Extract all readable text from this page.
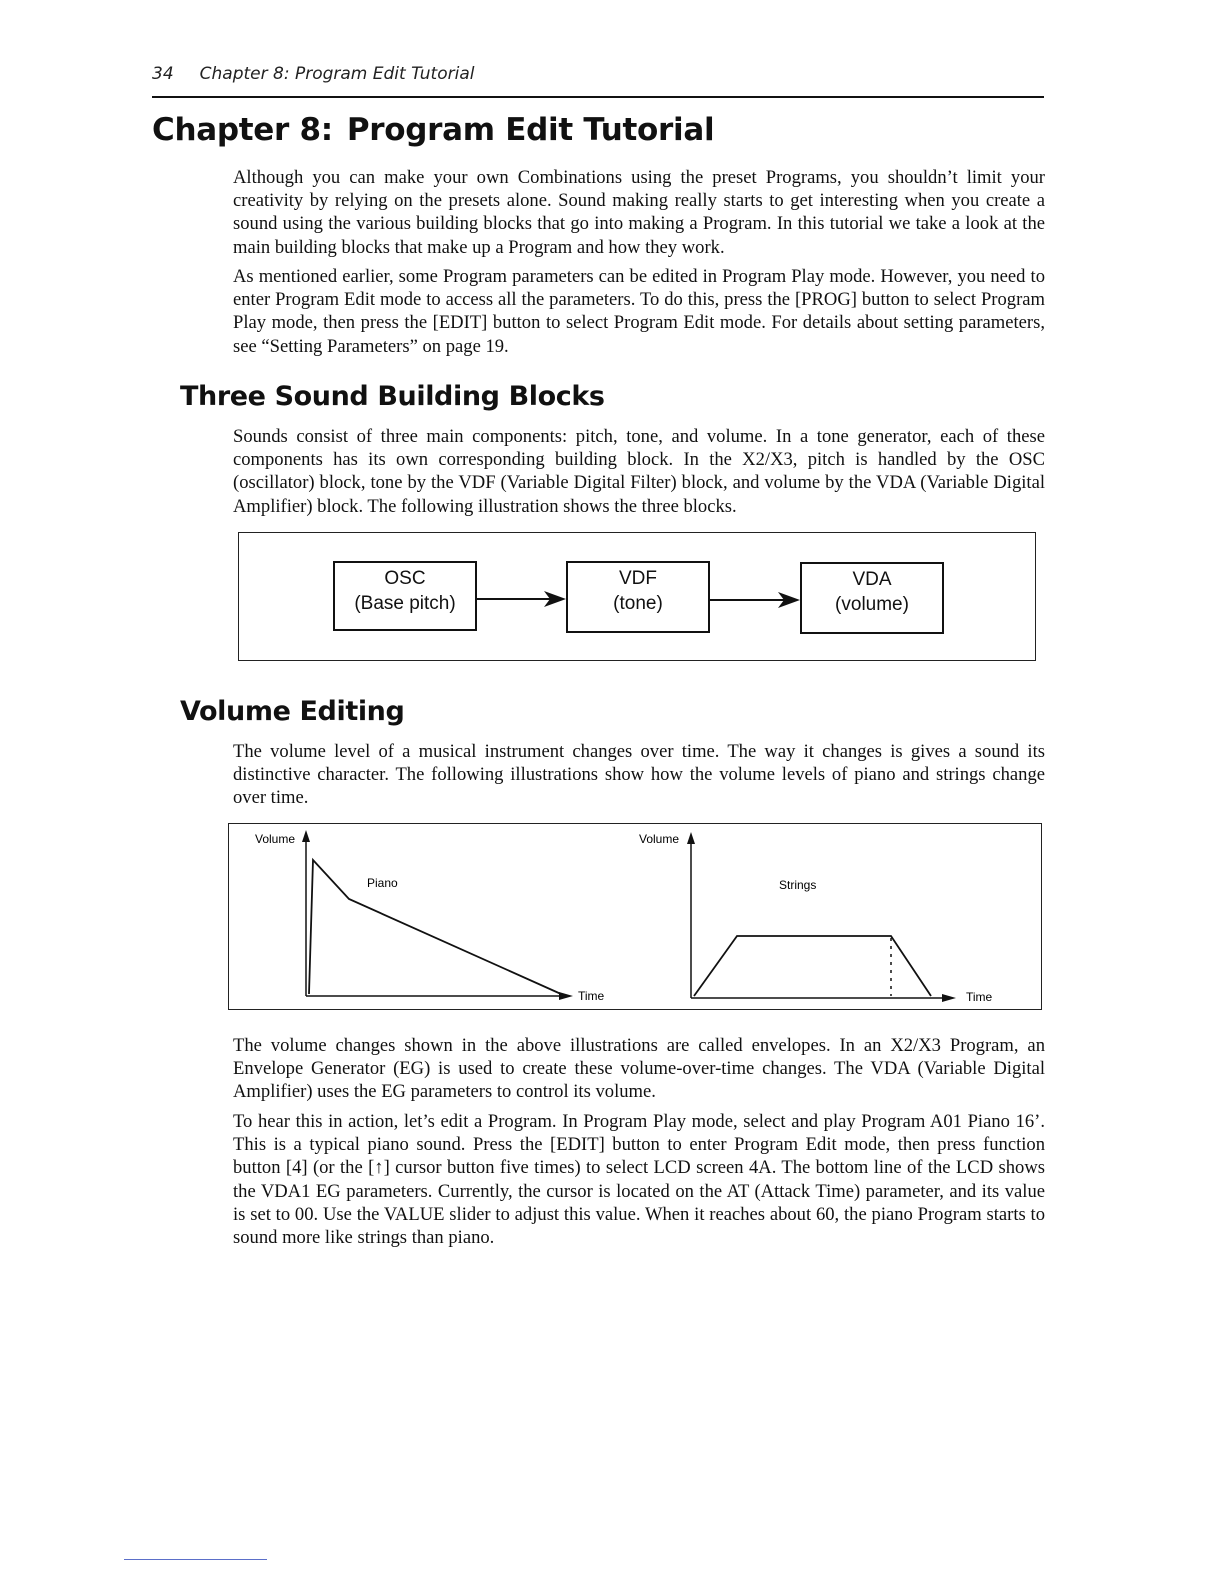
34 Chapter 8: Program Edit Tutorial
Chapter 8: Program Edit Tutorial

Although you can make your own Combinations using the preset Programs, you shouldn’t limit your creativity by relying on the presets alone. Sound making really starts to get interesting when you create a sound using the various building blocks that go into making a Program. In this tutorial we take a look at the main building blocks that make up a Program and how they work.

As mentioned earlier, some Program parameters can be edited in Program Play mode. However, you need to enter Program Edit mode to access all the parameters. To do this, press the [PROG] button to select Program Play mode, then press the [EDIT] button to select Program Edit mode. For details about setting parameters, see “Setting Parameters” on page 19.

Three Sound Building Blocks

Sounds consist of three main components: pitch, tone, and volume. In a tone generator, each of these components has its own corresponding building block. In the X2/X3, pitch is handled by the OSC (oscillator) block, tone by the VDF (Variable Digital Filter) block, and volume by the VDA (Variable Digital Amplifier) block. The following illustration shows the three blocks.

OSC
(Base pitch)
VDF
(tone)
VDA
(volume)
Volume Editing

The volume level of a musical instrument changes over time. The way it changes is gives a sound its distinctive character. The following illustrations show how the volume levels of piano and strings change over time.

Volume
Piano
Time
Volume
Strings
Time

The volume changes shown in the above illustrations are called envelopes. In an X2/X3 Program, an Envelope Generator (EG) is used to create these volume-over-time changes. The VDA (Variable Digital Amplifier) uses the EG parameters to control its volume.

To hear this in action, let’s edit a Program. In Program Play mode, select and play Program A01 Piano 16’. This is a typical piano sound. Press the [EDIT] button to enter Program Edit mode, then press function button [4] (or the [↑] cursor button five times) to select LCD screen 4A. The bottom line of the LCD shows the VDA1 EG parameters. Currently, the cursor is located on the AT (Attack Time) parameter, and its value is set to 00. Use the VALUE slider to adjust this value. When it reaches about 60, the piano Program starts to sound more like strings than piano.
